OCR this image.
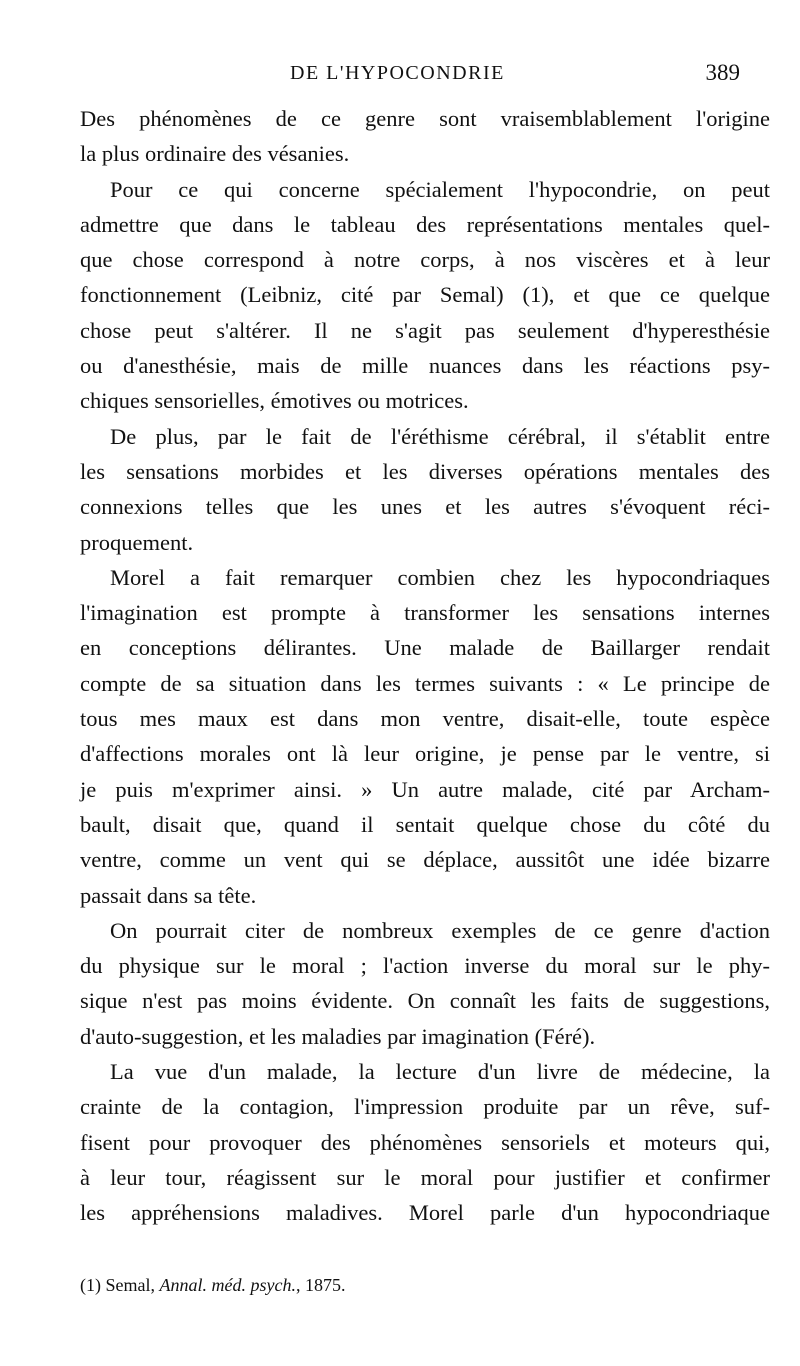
DE L'HYPOCONDRIE	389
Des phénomènes de ce genre sont vraisemblablement l'origine
la plus ordinaire des vésanies.
Pour ce qui concerne spécialement l'hypocondrie, on peut
admettre que dans le tableau des représentations mentales quel-
que chose correspond à notre corps, à nos viscères et à leur
fonctionnement (Leibniz, cité par Semal) (1), et que ce quelque
chose peut s'altérer. Il ne s'agit pas seulement d'hyperesthésie
ou d'anesthésie, mais de mille nuances dans les réactions psy-
chiques sensorielles, émotives ou motrices.
De plus, par le fait de l'éréthisme cérébral, il s'établit entre
les sensations morbides et les diverses opérations mentales des
connexions telles que les unes et les autres s'évoquent réci-
proquement.
Morel a fait remarquer combien chez les hypocondriaques
l'imagination est prompte à transformer les sensations internes
en conceptions délirantes. Une malade de Baillarger rendait
compte de sa situation dans les termes suivants : « Le principe de
tous mes maux est dans mon ventre, disait-elle, toute espèce
d'affections morales ont là leur origine, je pense par le ventre, si
je puis m'exprimer ainsi. » Un autre malade, cité par Archam-
bault, disait que, quand il sentait quelque chose du côté du
ventre, comme un vent qui se déplace, aussitôt une idée bizarre
passait dans sa tête.
On pourrait citer de nombreux exemples de ce genre d'action
du physique sur le moral ; l'action inverse du moral sur le phy-
sique n'est pas moins évidente. On connaît les faits de suggestions,
d'auto-suggestion, et les maladies par imagination (Féré).
La vue d'un malade, la lecture d'un livre de médecine, la
crainte de la contagion, l'impression produite par un rêve, suf-
fisent pour provoquer des phénomènes sensoriels et moteurs qui,
à leur tour, réagissent sur le moral pour justifier et confirmer
les appréhensions maladives. Morel parle d'un hypocondriaque
(1) Semal, Annal. méd. psych., 1875.
